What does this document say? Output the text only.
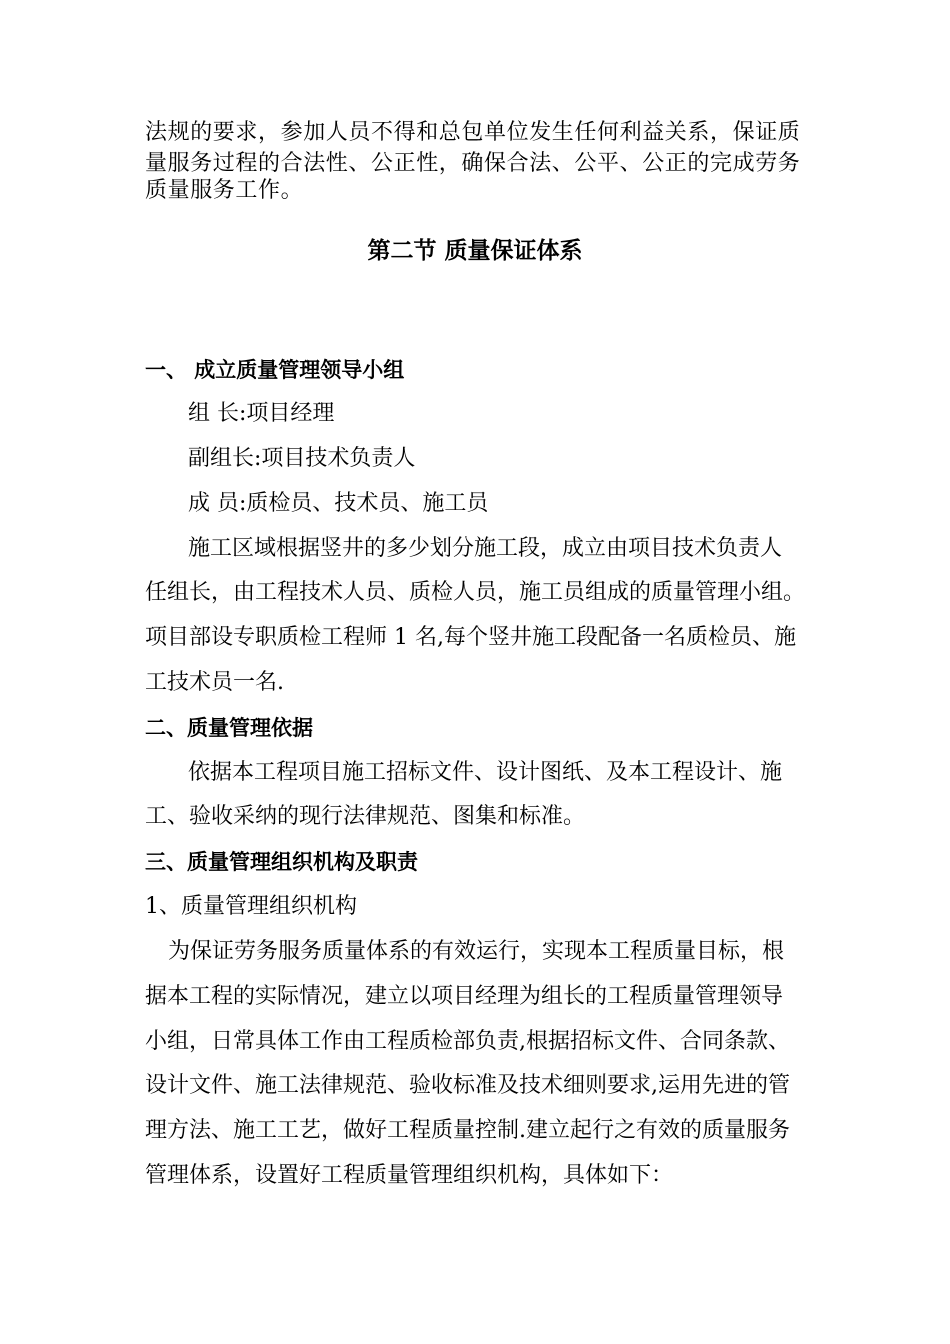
法规的要求，参加人员不得和总包单位发生任何利益关系，保证质
量服务过程的合法性、公正性，确保合法、公平、公正的完成劳务
质量服务工作。
第二节 质量保证体系
一、 成立质量管理领导小组
组 长:项目经理
副组长:项目技术负责人
成 员:质检员、技术员、施工员
施工区域根据竖井的多少划分施工段，成立由项目技术负责人
任组长，由工程技术人员、质检人员，施工员组成的质量管理小组。
项目部设专职质检工程师 1 名,每个竖井施工段配备一名质检员、施
工技术员一名.
二、质量管理依据
依据本工程项目施工招标文件、设计图纸、及本工程设计、施
工、验收采纳的现行法律规范、图集和标准。
三、质量管理组织机构及职责
1、质量管理组织机构
为保证劳务服务质量体系的有效运行，实现本工程质量目标，根
据本工程的实际情况，建立以项目经理为组长的工程质量管理领导
小组，日常具体工作由工程质检部负责,根据招标文件、合同条款、
设计文件、施工法律规范、验收标准及技术细则要求,运用先进的管
理方法、施工工艺，做好工程质量控制.建立起行之有效的质量服务
管理体系，设置好工程质量管理组织机构，具体如下：
